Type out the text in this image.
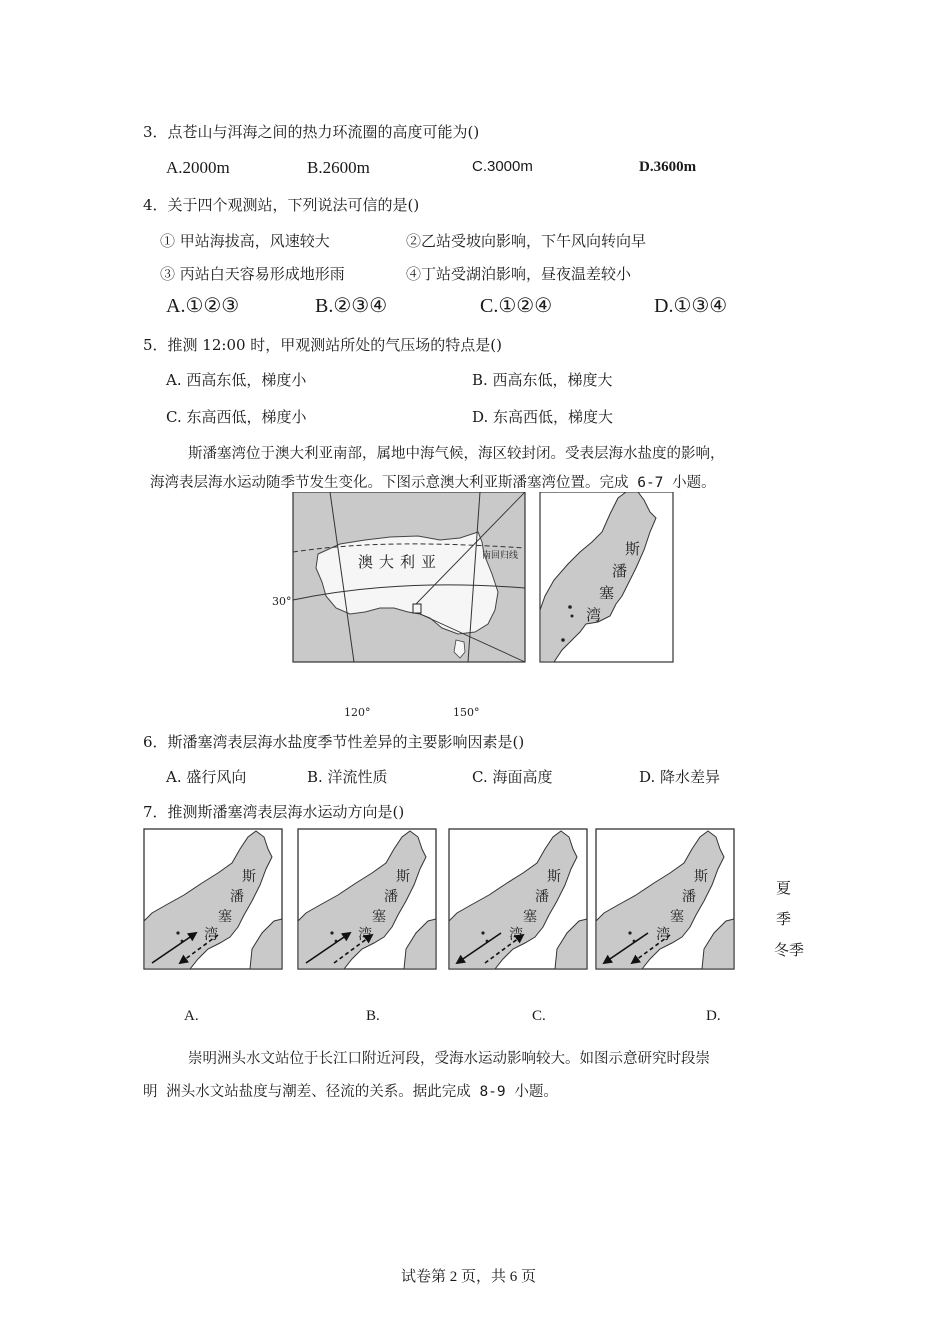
3．点苍山与洱海之间的热力环流圈的高度可能为()
A.2000m	B.2600m	C.3000m	D.3600m
4．关于四个观测站，下列说法可信的是()
① 甲站海拔高，风速较大	②乙站受坡向影响，下午风向转向早
③ 丙站白天容易形成地形雨	④丁站受湖泊影响，昼夜温差较小
A.①②③	B.②③④	C.①②④	D.①③④
5．推测 12:00 时，甲观测站所处的气压场的特点是()
A. 西高东低，梯度小	B. 西高东低，梯度大
C. 东高西低，梯度小	D. 东高西低，梯度大
斯潘塞湾位于澳大利亚南部，属地中海气候，海区较封闭。受表层海水盐度的影响，
海湾表层海水运动随季节发生变化。下图示意澳大利亚斯潘塞湾位置。完成 6-7 小题。
澳大利亚	南回归线
30°
120°	150°
斯
潘
塞
湾
6．斯潘塞湾表层海水盐度季节性差异的主要影响因素是()
A. 盛行风向	B. 洋流性质	C. 海面高度	D. 降水差异
7．推测斯潘塞湾表层海水运动方向是()
夏
季
冬季
A.	B.	C.	D.
崇明洲头水文站位于长江口附近河段，受海水运动影响较大。如图示意研究时段崇
明 洲头水文站盐度与潮差、径流的关系。据此完成 8-9 小题。
试卷第 2 页，共 6 页
